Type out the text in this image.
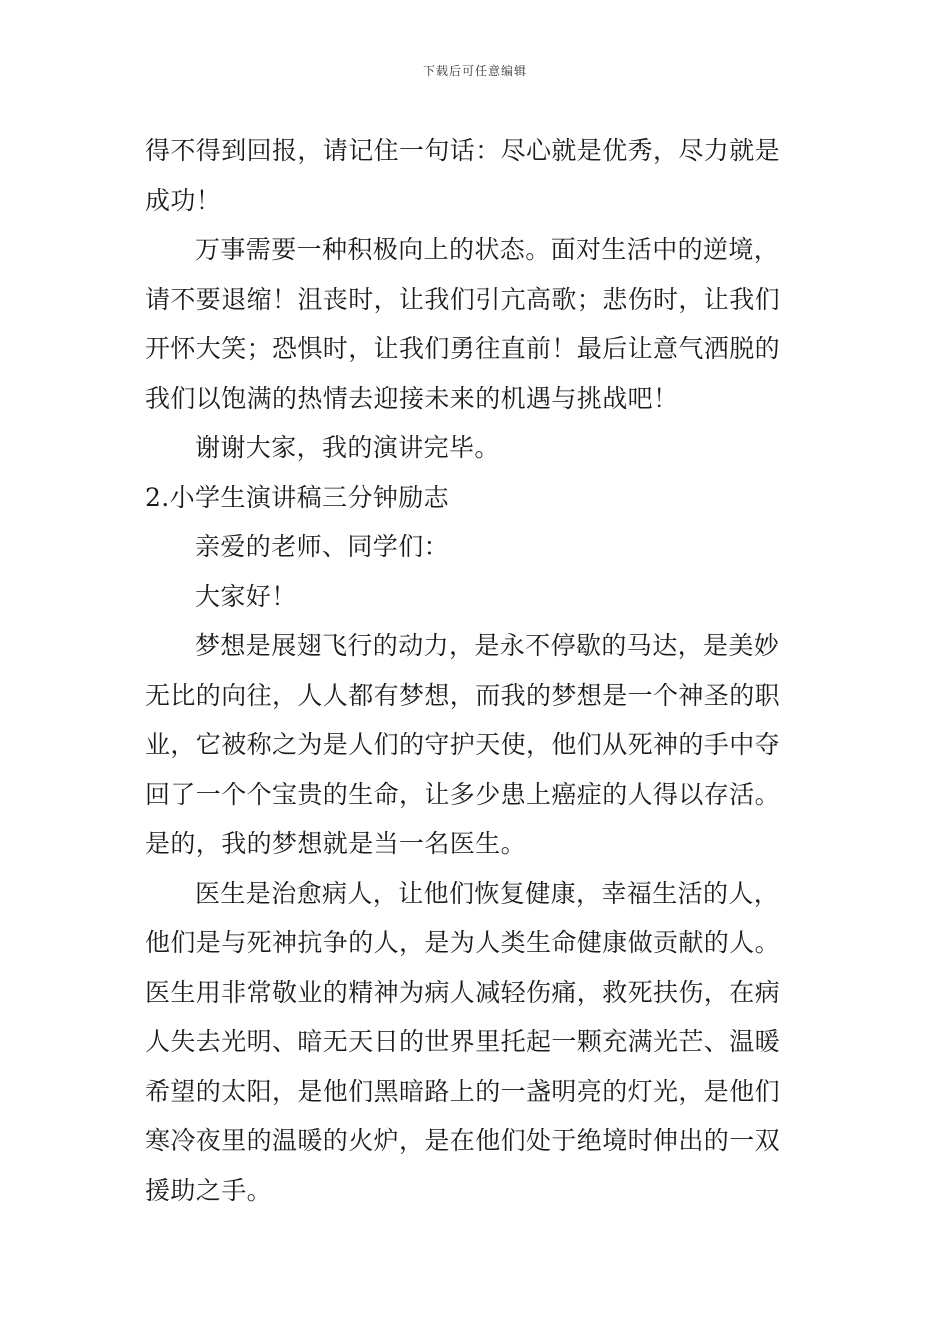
下载后可任意编辑
得不得到回报，请记住一句话：尽心就是优秀，尽力就是
成功！
万事需要一种积极向上的状态。面对生活中的逆境，
请不要退缩！沮丧时，让我们引亢高歌；悲伤时，让我们
开怀大笑；恐惧时，让我们勇往直前！最后让意气洒脱的
我们以饱满的热情去迎接未来的机遇与挑战吧！
谢谢大家，我的演讲完毕。
2.小学生演讲稿三分钟励志
亲爱的老师、同学们：
大家好！
梦想是展翅飞行的动力，是永不停歇的马达，是美妙
无比的向往，人人都有梦想，而我的梦想是一个神圣的职
业，它被称之为是人们的守护天使，他们从死神的手中夺
回了一个个宝贵的生命，让多少患上癌症的人得以存活。
是的，我的梦想就是当一名医生。
医生是治愈病人，让他们恢复健康，幸福生活的人，
他们是与死神抗争的人，是为人类生命健康做贡献的人。
医生用非常敬业的精神为病人减轻伤痛，救死扶伤，在病
人失去光明、暗无天日的世界里托起一颗充满光芒、温暖
希望的太阳，是他们黑暗路上的一盏明亮的灯光，是他们
寒冷夜里的温暖的火炉，是在他们处于绝境时伸出的一双
援助之手。
